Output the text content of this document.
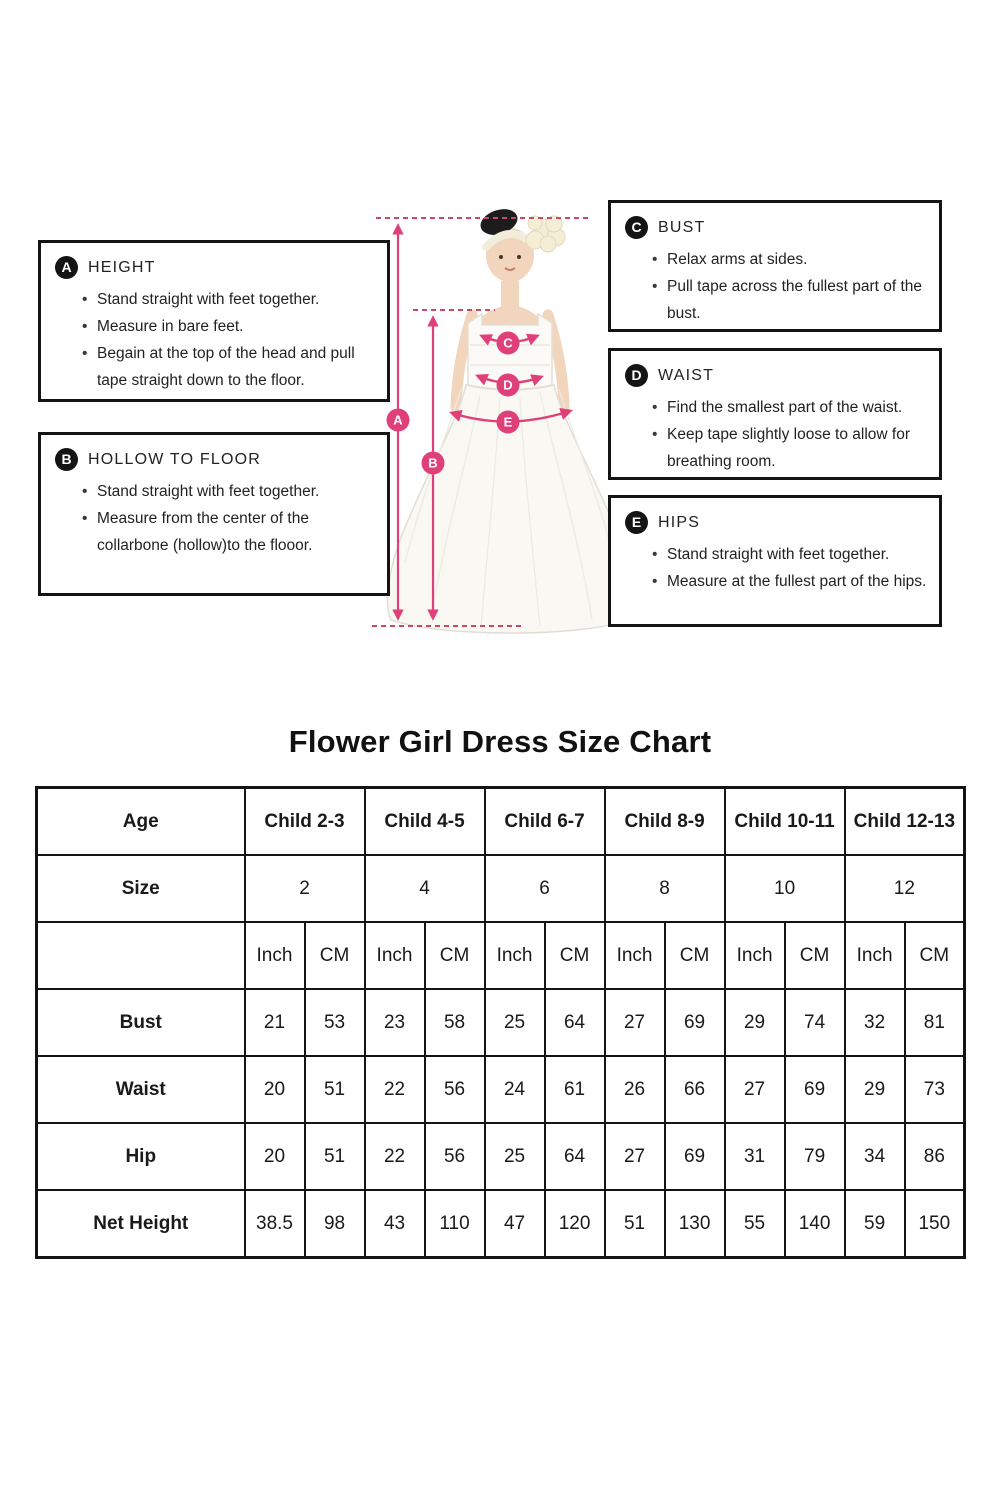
A
B
C
D
E
A	HEIGHT
• Stand straight with feet together.
• Measure in bare feet.
• Begain at the top of the head and pull tape straight down to the floor.
B	HOLLOW TO FLOOR
• Stand straight with feet together.
• Measure from the center of the collarbone (hollow)to the flooor.
C	BUST
• Relax arms at sides.
• Pull tape across the fullest part of the bust.
D	WAIST
• Find the smallest part of the waist.
• Keep tape slightly loose to allow for breathing room.
E	HIPS
• Stand straight with feet together.
• Measure at the fullest part of the hips.
Flower Girl Dress Size Chart
Age	Child 2-3		Child 4-5		Child 6-7		Child 8-9		Child 10-11		Child 12-13	
Size	2		4		6		8		10		12	
	Inch	CM	Inch	CM	Inch	CM	Inch	CM	Inch	CM	Inch	CM
Bust	21	53	23	58	25	64	27	69	29	74	32	81
Waist	20	51	22	56	24	61	26	66	27	69	29	73
Hip	20	51	22	56	25	64	27	69	31	79	34	86
Net Height	38.5	98	43	110	47	120	51	130	55	140	59	150
